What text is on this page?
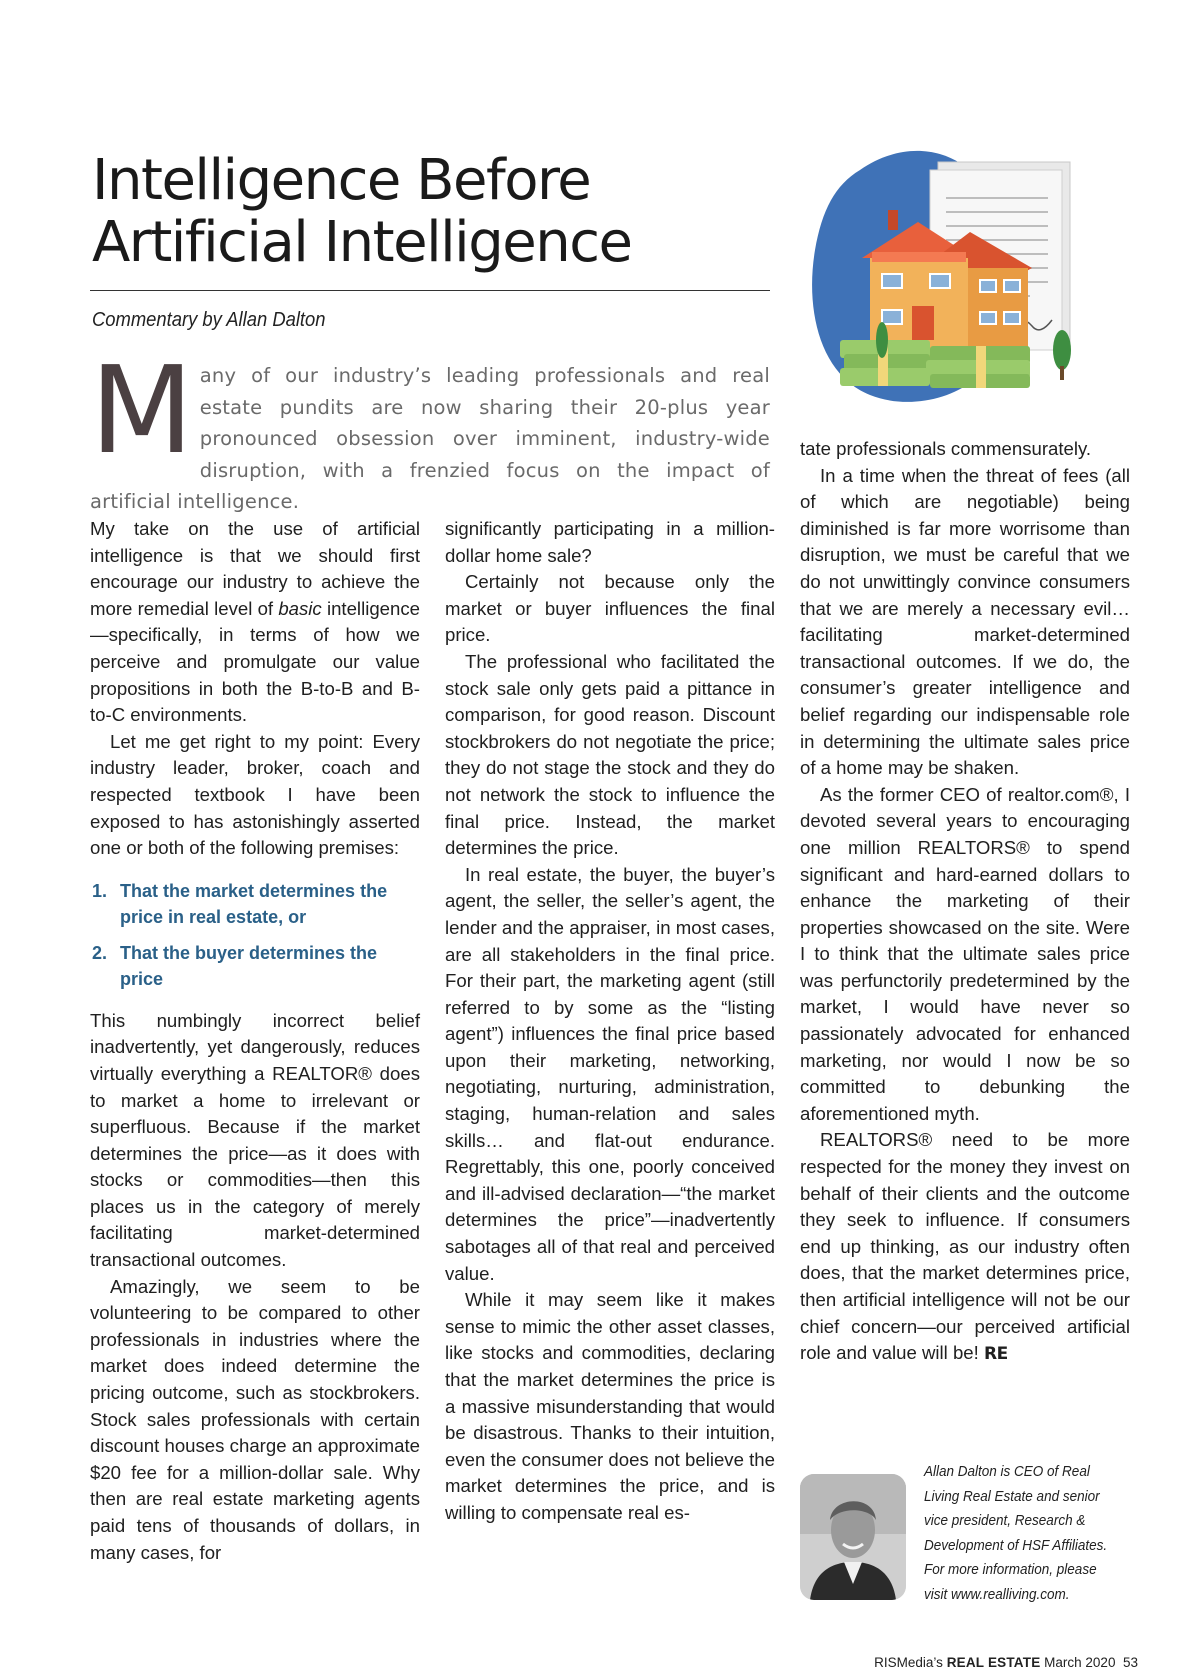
Intelligence Before
Artificial Intelligence

Commentary by Allan Dalton

M any of our industry’s leading professionals and real estate pundits are now sharing their 20-plus year pronounced obsession over imminent, industry-wide disruption, with a frenzied focus on the impact of artificial intelligence.

My take on the use of artificial intelligence is that we should first encourage our industry to achieve the more remedial level of basic intelligence—specifically, in terms of how we perceive and promulgate our value propositions in both the B-to-B and B-to-C environments.

Let me get right to my point: Every industry leader, broker, coach and respected textbook I have been exposed to has astonishingly asserted one or both of the following premises:

1. That the market determines the price in real estate, or
2. That the buyer determines the price

This numbingly incorrect belief inadvertently, yet dangerously, reduces virtually everything a REALTOR® does to market a home to irrelevant or superfluous. Because if the market determines the price—as it does with stocks or commodities—then this places us in the category of merely facilitating market-determined transactional outcomes.

Amazingly, we seem to be volunteering to be compared to other professionals in industries where the market does indeed determine the pricing outcome, such as stockbrokers. Stock sales professionals with certain discount houses charge an approximate $20 fee for a million-dollar sale. Why then are real estate marketing agents paid tens of thousands of dollars, in many cases, for

significantly participating in a million-dollar home sale?

Certainly not because only the market or buyer influences the final price.

The professional who facilitated the stock sale only gets paid a pittance in comparison, for good reason. Discount stockbrokers do not negotiate the price; they do not stage the stock and they do not network the stock to influence the final price. Instead, the market determines the price.

In real estate, the buyer, the buyer’s agent, the seller, the seller’s agent, the lender and the appraiser, in most cases, are all stakeholders in the final price. For their part, the marketing agent (still referred to by some as the “listing agent”) influences the final price based upon their marketing, networking, negotiating, nurturing, administration, staging, human-relation and sales skills… and flat-out endurance. Regrettably, this one, poorly conceived and ill-advised declaration—“the market determines the price”—inadvertently sabotages all of that real and perceived value.

While it may seem like it makes sense to mimic the other asset classes, like stocks and commodities, declaring that the market determines the price is a massive misunderstanding that would be disastrous. Thanks to their intuition, even the consumer does not believe the market determines the price, and is willing to compensate real es-

tate professionals commensurately.

In a time when the threat of fees (all of which are negotiable) being diminished is far more worrisome than disruption, we must be careful that we do not unwittingly convince consumers that we are merely a necessary evil…facilitating market-determined transactional outcomes. If we do, the consumer’s greater intelligence and belief regarding our indispensable role in determining the ultimate sales price of a home may be shaken.

As the former CEO of realtor.com®, I devoted several years to encouraging one million REALTORS® to spend significant and hard-earned dollars to enhance the marketing of their properties showcased on the site. Were I to think that the ultimate sales price was perfunctorily predetermined by the market, I would have never so passionately advocated for enhanced marketing, nor would I now be so committed to debunking the aforementioned myth.

REALTORS® need to be more respected for the money they invest on behalf of their clients and the outcome they seek to influence. If consumers end up thinking, as our industry often does, that the market determines price, then artificial intelligence will not be our chief concern—our perceived artificial role and value will be! RE

Allan Dalton is CEO of Real Living Real Estate and senior vice president, Research & Development of HSF Affiliates. For more information, please visit www.realliving.com.
RISMedia’s REAL ESTATE March 2020 53
